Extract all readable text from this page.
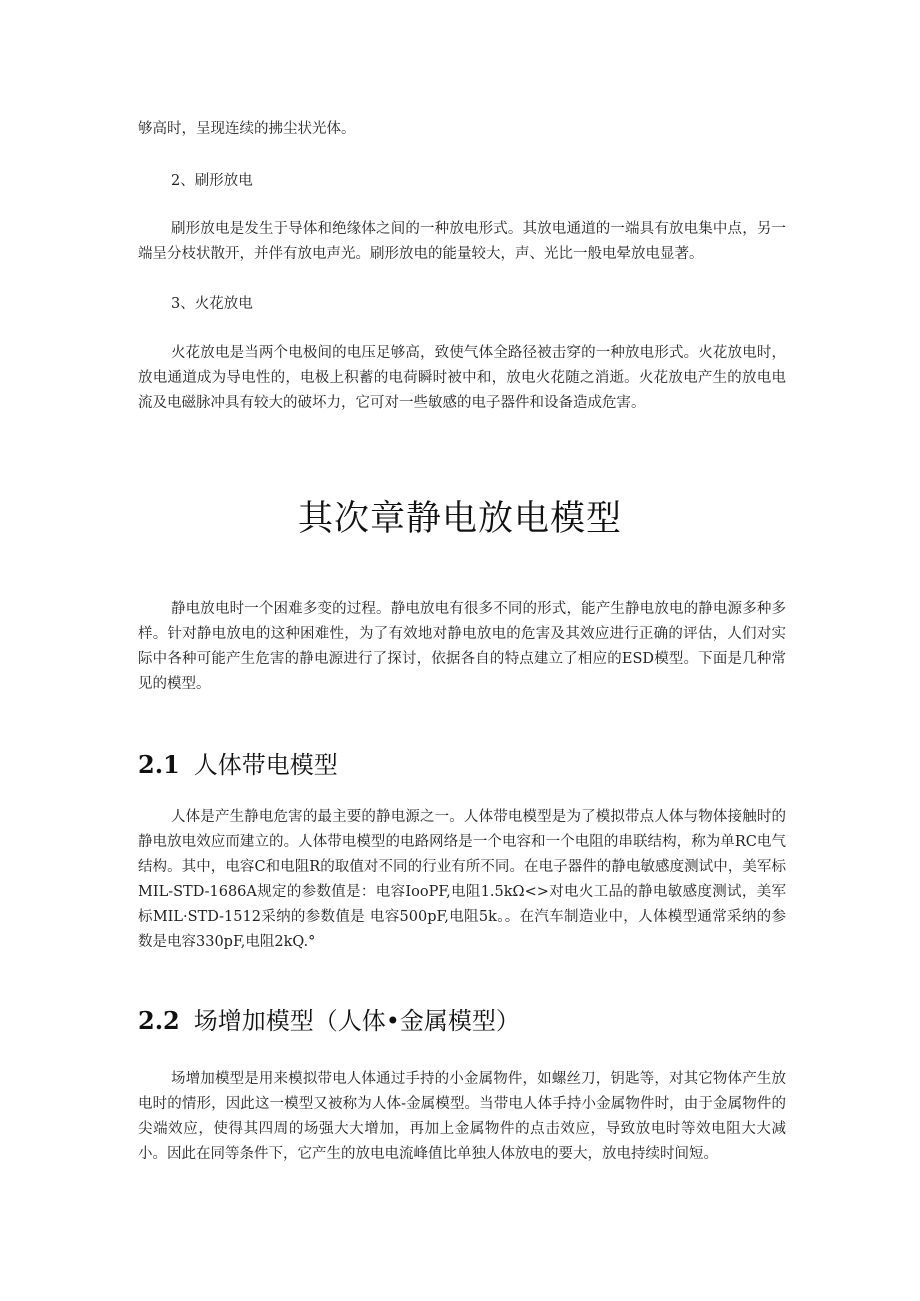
够高时，呈现连续的拂尘状光体。

2、刷形放电

刷形放电是发生于导体和绝缘体之间的一种放电形式。其放电通道的一端具有放电集中点，另一端呈分枝状散开，并伴有放电声光。刷形放电的能量较大，声、光比一般电晕放电显著。

3、火花放电

火花放电是当两个电极间的电压足够高，致使气体全路径被击穿的一种放电形式。火花放电时，放电通道成为导电性的，电极上积蓄的电荷瞬时被中和，放电火花随之消逝。火花放电产生的放电电流及电磁脉冲具有较大的破坏力，它可对一些敏感的电子器件和设备造成危害。

其次章静电放电模型

静电放电时一个困难多变的过程。静电放电有很多不同的形式，能产生静电放电的静电源多种多样。针对静电放电的这种困难性，为了有效地对静电放电的危害及其效应进行正确的评估，人们对实际中各种可能产生危害的静电源进行了探讨，依据各自的特点建立了相应的ESD模型。下面是几种常见的模型。

2.1 人体带电模型

人体是产生静电危害的最主要的静电源之一。人体带电模型是为了模拟带点人体与物体接触时的静电放电效应而建立的。人体带电模型的电路网络是一个电容和一个电阻的串联结构，称为单RC电气结构。其中，电容C和电阻R的取值对不同的行业有所不同。在电子器件的静电敏感度测试中，美军标MIL-STD-1686A规定的参数值是：电容IooPF,电阻1.5kΩ<>对电火工品的静电敏感度测试，美军标MIL·STD-1512采纳的参数值是 电容500pF,电阻5k。。在汽车制造业中，人体模型通常采纳的参数是电容330pF,电阻2kQ.°

2.2 场增加模型（人体•金属模型）

场增加模型是用来模拟带电人体通过手持的小金属物件，如螺丝刀，钥匙等，对其它物体产生放电时的情形，因此这一模型又被称为人体-金属模型。当带电人体手持小金属物件时，由于金属物件的尖端效应，使得其四周的场强大大增加，再加上金属物件的点击效应，导致放电时等效电阻大大减小。因此在同等条件下，它产生的放电电流峰值比单独人体放电的要大，放电持续时间短。
